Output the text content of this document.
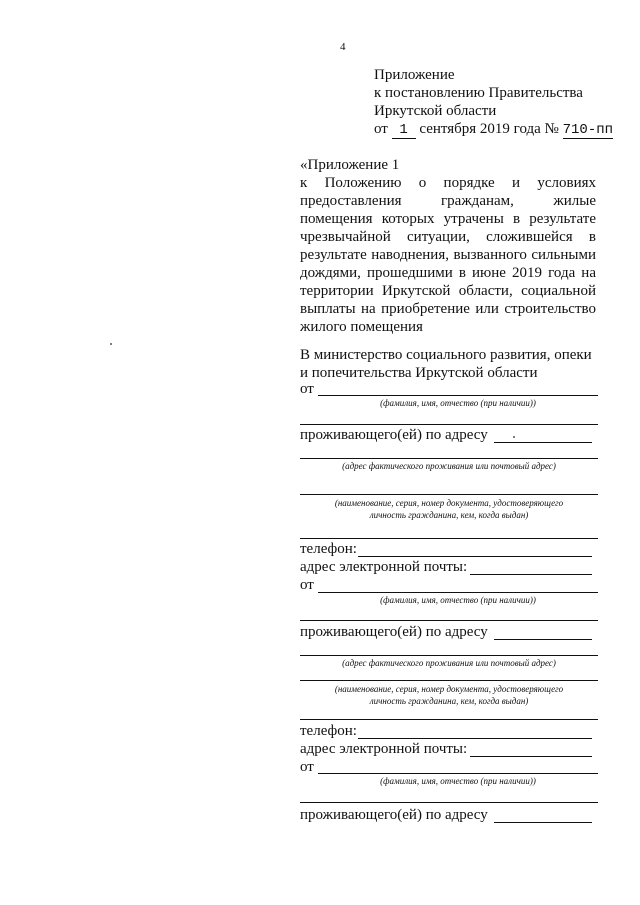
4
Приложение
к постановлению Правительства
Иркутской области
от 1 сентября 2019 года № 710-пп
«Приложение 1
к Положению о порядке и условиях
предоставления гражданам, жилые
помещения которых утрачены в результате
чрезвычайной ситуации, сложившейся в
результате наводнения, вызванного сильными
дождями, прошедшими в июне 2019 года на
территории Иркутской области, социальной
выплаты на приобретение или строительство
жилого помещения
В министерство социального развития, опеки
и попечительства Иркутской области
от
(фамилия, имя, отчество (при наличии))
проживающего(ей) по адресу
(адрес фактического проживания или почтовый адрес)
(наименование, серия, номер документа, удостоверяющего
личность гражданина, кем, когда выдан)
телефон:
адрес электронной почты:
от
(фамилия, имя, отчество (при наличии))
проживающего(ей) по адресу
(адрес фактического проживания или почтовый адрес)
(наименование, серия, номер документа, удостоверяющего
личность гражданина, кем, когда выдан)
телефон:
адрес электронной почты:
от
(фамилия, имя, отчество (при наличии))
проживающего(ей) по адресу
